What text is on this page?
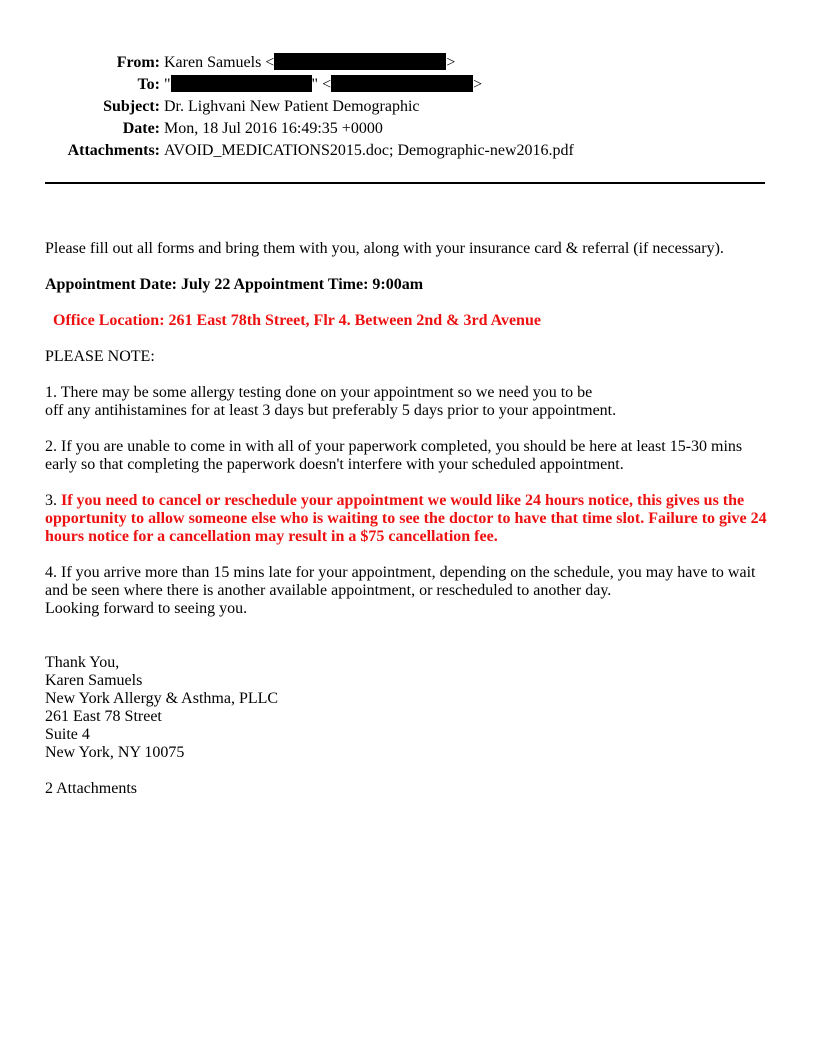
From: Karen Samuels <	>
To: "	" <	>
Subject: Dr. Lighvani New Patient Demographic
Date: Mon, 18 Jul 2016 16:49:35 +0000
Attachments: AVOID_MEDICATIONS2015.doc; Demographic-new2016.pdf

Please fill out all forms and bring them with you, along with your insurance card & referral (if necessary).

Appointment Date: July 22 Appointment Time: 9:00am

Office Location: 261 East 78th Street, Flr 4. Between 2nd & 3rd Avenue

PLEASE NOTE:

1. There may be some allergy testing done on your appointment so we need you to be
off any antihistamines for at least 3 days but preferably 5 days prior to your appointment.

2. If you are unable to come in with all of your paperwork completed, you should be here at least 15-30 mins early so that completing the paperwork doesn't interfere with your scheduled appointment.

3. If you need to cancel or reschedule your appointment we would like 24 hours notice, this gives us the opportunity to allow someone else who is waiting to see the doctor to have that time slot. Failure to give 24 hours notice for a cancellation may result in a $75 cancellation fee.

4. If you arrive more than 15 mins late for your appointment, depending on the schedule, you may have to wait and be seen where there is another available appointment, or rescheduled to another day.

Looking forward to seeing you.

Thank You,
Karen Samuels
New York Allergy & Asthma, PLLC
261 East 78 Street
Suite 4
New York, NY 10075

2 Attachments
